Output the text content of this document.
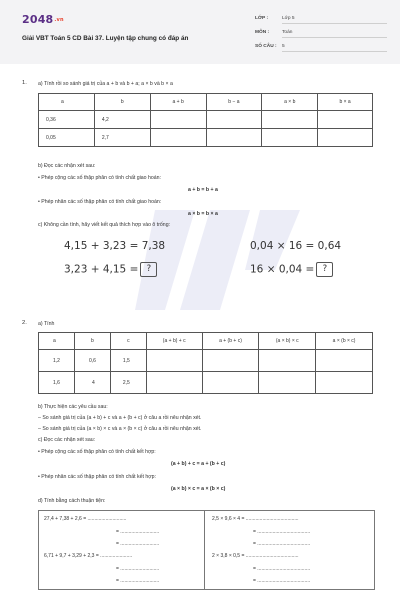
2048.vn
Giải VBT Toán 5 CD Bài 37. Luyện tập chung có đáp án
LỚP :	Lớp 5
MÔN :	Toán
SỐ CÂU : 5
1. a) Tính rồi so sánh giá trị của a + b và b + a; a × b và b × a
a	b	a + b	b − a	a × b	b × a
0,36	4,2				
0,05	2,7				
b) Đọc các nhận xét sau:
• Phép cộng các số thập phân có tính chất giao hoán:
a + b = b + a
• Phép nhân các số thập phân có tính chất giao hoán:
a × b = b × a
c) Không cần tính, hãy viết kết quả thích hợp vào ô trống:
4,15 + 3,23 = 7,38
3,23 + 4,15 = ?
0,04 × 16 = 0,64
16 × 0,04 = ?
2. a) Tính
a	b	c	(a + b) + c	a + (b + c)	(a × b) × c	a × (b × c)
1,2	0,6	1,5				
1,6	4	2,5				
b) Thực hiện các yêu cầu sau:
– So sánh giá trị của (a + b) + c và a + (b + c) ở câu a rồi nêu nhận xét.
– So sánh giá trị của (a × b) × c và a × (b × c) ở câu a rồi nêu nhận xét.
c) Đọc các nhận xét sau:
• Phép cộng các số thập phân có tính chất kết hợp:
(a + b) + c = a + (b + c)
• Phép nhân các số thập phân có tính chất kết hợp:
(a × b) × c = a × (b × c)
d) Tính bằng cách thuận tiện:
27,4 + 7,38 + 2,6 = ............................
= ............................
= ............................
6,71 + 9,7 + 3,29 + 2,3 = .......................
= ............................
= ............................
2,5 × 9,6 × 4 = ......................................
= ......................................
= ......................................
2 × 3,8 × 0,5 = ......................................
= ......................................
= ......................................
